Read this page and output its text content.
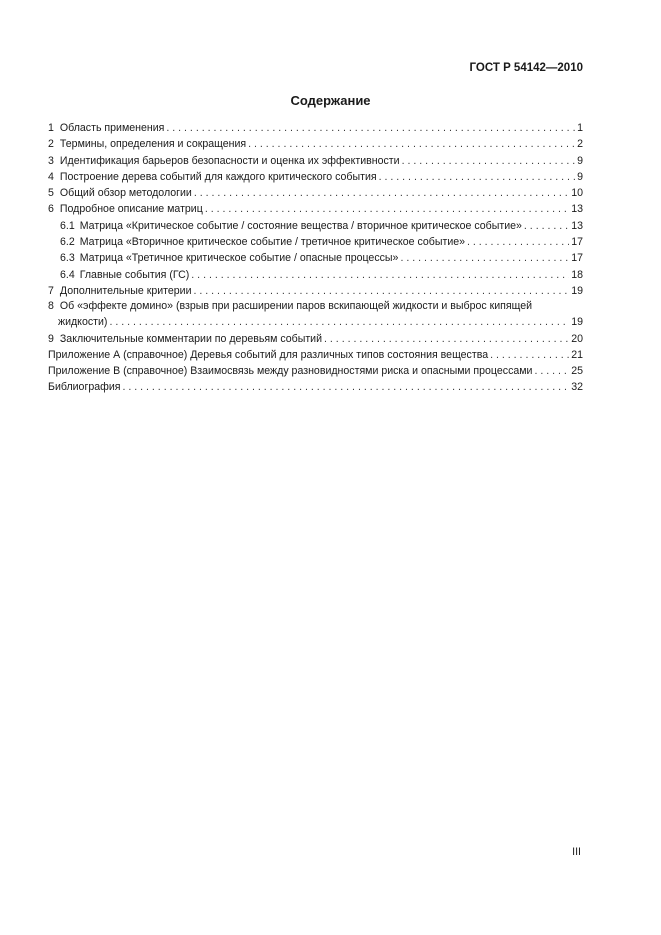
ГОСТ Р 54142—2010
Содержание
1 Область применения . . .	1
2 Термины, определения и сокращения . . .	2
3 Идентификация барьеров безопасности и оценка их эффективности . . .	9
4 Построение дерева событий для каждого критического события . . .	9
5 Общий обзор методологии . . .	10
6 Подробное описание матриц . . .	13
6.1 Матрица «Критическое событие / состояние вещества / вторичное критическое событие» . . .	13
6.2 Матрица «Вторичное критическое событие / третичное критическое событие» . . .	17
6.3 Матрица «Третичное критическое событие / опасные процессы» . . .	17
6.4 Главные события (ГС) . . .	18
7 Дополнительные критерии . . .	19
8 Об «эффекте домино» (взрыв при расширении паров вскипающей жидкости и выброс кипящей
жидкости) . . .	19
9 Заключительные комментарии по деревьям событий . . .	20
Приложение А (справочное) Деревья событий для различных типов состояния вещества . . .	21
Приложение В (справочное) Взаимосвязь между разновидностями риска и опасными процессами . . .	25
Библиография . . .	32
III
